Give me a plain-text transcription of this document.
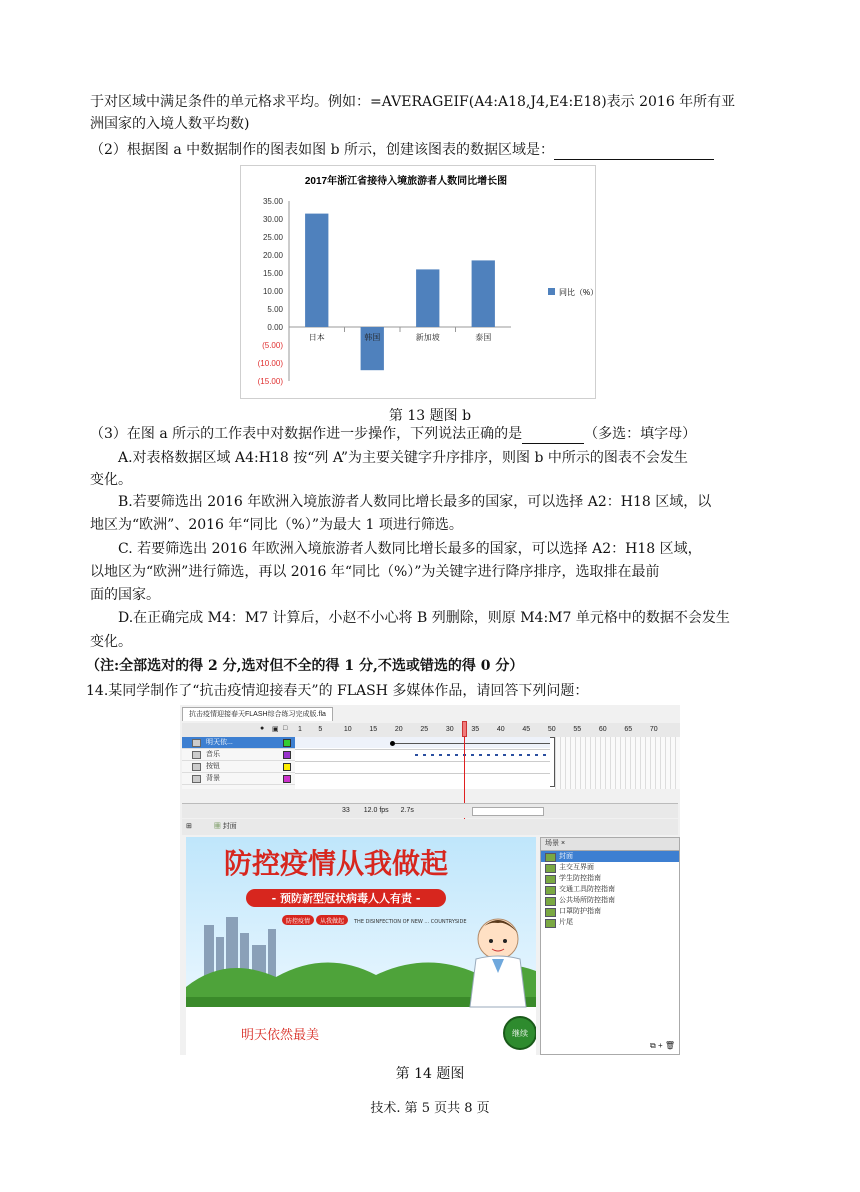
于对区域中满足条件的单元格求平均。例如：=AVERAGEIF(A4:A18,J4,E4:E18)表示 2016 年所有亚
洲国家的入境人数平均数)
（2）根据图 a 中数据制作的图表如图 b 所示，创建该图表的数据区域是：
2017年浙江省接待入境旅游者人数同比增长图
35.00
30.00
25.00
20.00
15.00
10.00
5.00
0.00
(5.00)
(10.00)
(15.00)
日本	韩国	新加坡	泰国
同比（%）
第 13 题图 b
（3）在图 a 所示的工作表中对数据作进一步操作，下列说法正确的是	（多选：填字母）
A.对表格数据区域 A4:H18 按“列 A”为主要关键字升序排序，则图 b 中所示的图表不会发生
变化。
B.若要筛选出 2016 年欧洲入境旅游者人数同比增长最多的国家，可以选择 A2：H18 区域，以
地区为“欧洲”、2016 年“同比（%）”为最大 1 项进行筛选。
C. 若要筛选出 2016 年欧洲入境旅游者人数同比增长最多的国家，可以选择 A2：H18 区域，
以地区为“欧洲”进行筛选，再以 2016 年“同比（%）”为关键字进行降序排序，选取排在最前
面的国家。
D.在正确完成 M4：M7 计算后，小赵不小心将 B 列删除，则原 M4:M7 单元格中的数据不会发生
变化。
（注:全部选对的得 2 分,选对但不全的得 1 分,不选或错选的得 0 分）
14.某同学制作了“抗击疫情迎接春天”的 FLASH 多媒体作品，请回答下列问题：
抗击疫情迎接春天FLASH综合练习完成版.fla
● ▣ □ 1 5	10	15	20	25	30	35	40	45	50	55	60	65	70
明天依...
音乐
按钮
背景
33 12.0 fps 2.7s
⊞	▦ 封面
防控疫情从我做起
- 预防新型冠状病毒人人有责 -
防控疫情 从我做起 THE DISINFECTION OF NEW ... COUNTRYSIDE
明天依然最美	继续
场景 ×
封面
主交互界面
学生防控指南
交通工具防控指南
公共场所防控指南
口罩防护指南
片尾
⧉ + 🗑
第 14 题图
技术. 第 5 页共 8 页
